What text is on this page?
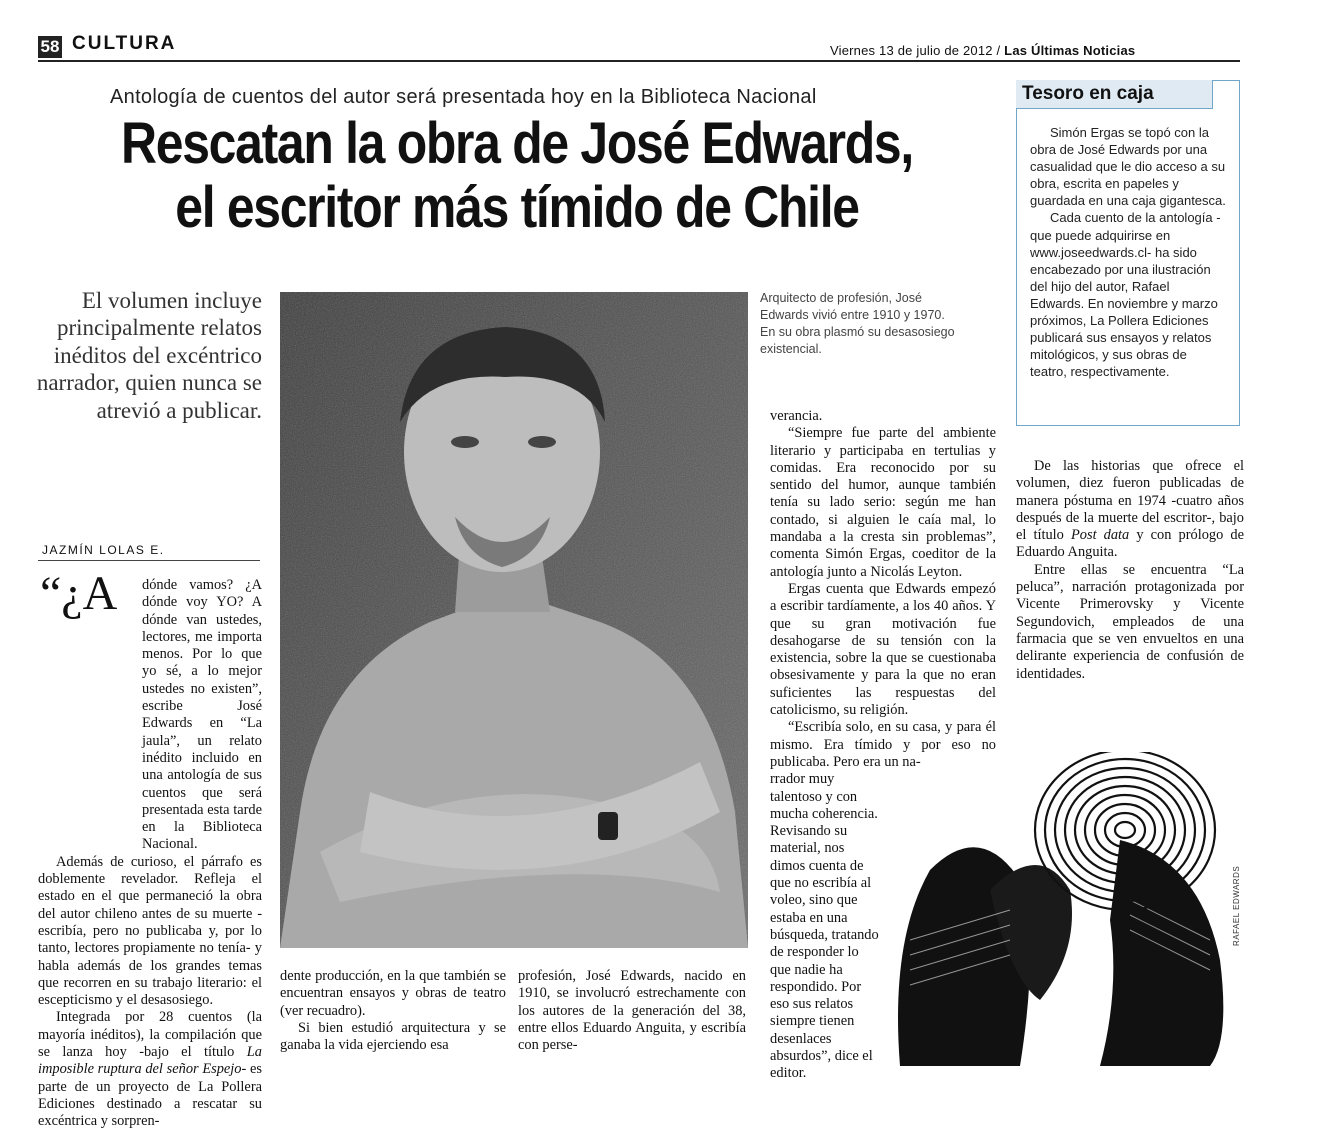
58 CULTURA	Viernes 13 de julio de 2012 / Las Últimas Noticias
Antología de cuentos del autor será presentada hoy en la Biblioteca Nacional
Rescatan la obra de José Edwards,
el escritor más tímido de Chile
Tesoro en caja

Simón Ergas se topó con la obra de José Edwards por una casualidad que le dio acceso a su obra, escrita en papeles y guardada en una caja gigantesca.

Cada cuento de la antología -que puede adquirirse en www.joseedwards.cl- ha sido encabezado por una ilustración del hijo del autor, Rafael Edwards. En noviembre y marzo próximos, La Pollera Ediciones publicará sus ensayos y relatos mitológicos, y sus obras de teatro, respectivamente.

El volumen incluye principalmente relatos inéditos del excéntrico narrador, quien nunca se atrevió a publicar.
JAZMÍN LOLAS E.
Arquitecto de profesión, José Edwards vivió entre 1910 y 1970. En su obra plasmó su desasosiego existencial.
“¿A	dónde vamos? ¿A dónde voy YO? A dónde van ustedes, lectores, me importa menos. Por lo que yo sé, a lo mejor ustedes no existen”, escribe José Edwards en “La jaula”, un relato inédito incluido en una antología de sus cuentos que será presentada esta tarde en la Biblioteca Nacional.

Además de curioso, el párrafo es doblemente revelador. Refleja el estado en el que permaneció la obra del autor chileno antes de su muerte -escribía, pero no publicaba y, por lo tanto, lectores propiamente no tenía- y habla además de los grandes temas que recorren en su trabajo literario: el escepticismo y el desasosiego.

Integrada por 28 cuentos (la mayoría inéditos), la compilación que se lanza hoy -bajo el título La imposible ruptura del señor Espejo- es parte de un proyecto de La Pollera Ediciones destinado a rescatar su excéntrica y sorpren-

dente producción, en la que también se encuentran ensayos y obras de teatro (ver recuadro).

Si bien estudió arquitectura y se ganaba la vida ejerciendo esa

profesión, José Edwards, nacido en 1910, se involucró estrechamente con los autores de la generación del 38, entre ellos Eduardo Anguita, y escribía con perse-

verancia.

“Siempre fue parte del ambiente literario y participaba en tertulias y comidas. Era reconocido por su sentido del humor, aunque también tenía su lado serio: según me han contado, si alguien le caía mal, lo mandaba a la cresta sin problemas”, comenta Simón Ergas, coeditor de la antología junto a Nicolás Leyton.

Ergas cuenta que Edwards empezó a escribir tardíamente, a los 40 años. Y que su gran motivación fue desahogarse de su tensión con la existencia, sobre la que se cuestionaba obsesivamente y para la que no eran suficientes las respuestas del catolicismo, su religión.

“Escribía solo, en su casa, y para él mismo. Era tímido y por eso no publicaba. Pero era un na-

rrador muy talentoso y con mucha coherencia. Revisando su material, nos dimos cuenta de que no escribía al voleo, sino que estaba en una búsqueda, tratando de responder lo que nadie ha respondido. Por eso sus relatos siempre tienen desenlaces absurdos”, dice el editor.

De las historias que ofrece el volumen, diez fueron publicadas de manera póstuma en 1974 -cuatro años después de la muerte del escritor-, bajo el título Post data y con prólogo de Eduardo Anguita.

Entre ellas se encuentra “La peluca”, narración protagonizada por Vicente Primerovsky y Vicente Segundovich, empleados de una farmacia que se ven envueltos en una delirante experiencia de confusión de identidades.

RAFAEL EDWARDS
